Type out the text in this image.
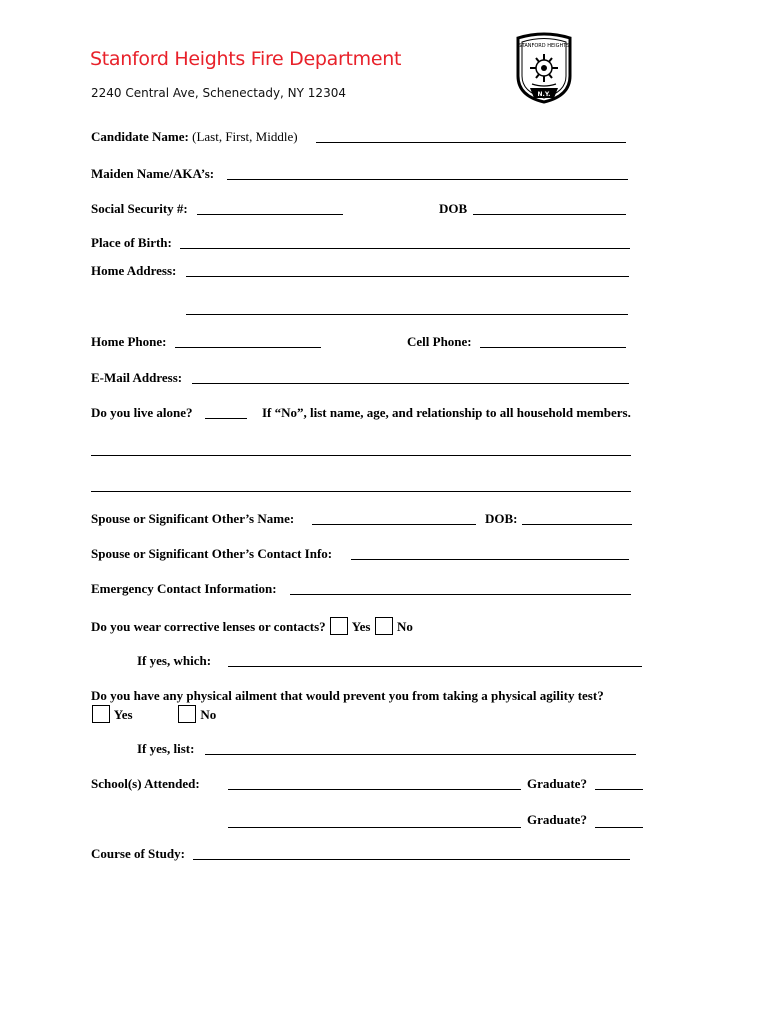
Stanford Heights Fire Department
2240 Central Ave, Schenectady, NY 12304
STANFORD HEIGHTS
N.Y.
Candidate Name: (Last, First, Middle)
Maiden Name/AKA’s:
Social Security #:	DOB
Place of Birth:
Home Address:
Home Phone:	Cell Phone:
E-Mail Address:
Do you live alone?	If “No”, list name, age, and relationship to all household members.
Spouse or Significant Other’s Name:	DOB:
Spouse or Significant Other’s Contact Info:
Emergency Contact Information:
Do you wear corrective lenses or contacts? Yes No
If yes, which:
Do you have any physical ailment that would prevent you from taking a physical agility test?
Yes	No
If yes, list:
School(s) Attended:	Graduate?
Graduate?
Course of Study:
